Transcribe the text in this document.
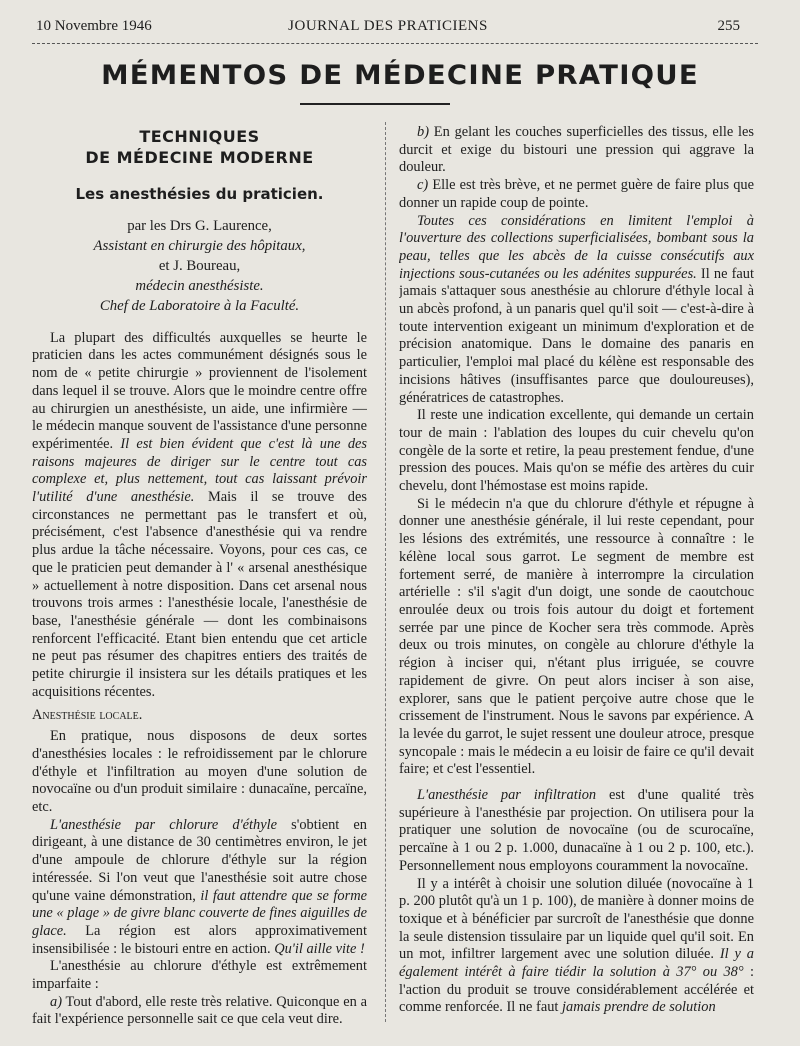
10 Novembre 1946	JOURNAL DES PRATICIENS	255
MÉMENTOS DE MÉDECINE PRATIQUE
TECHNIQUES
DE MÉDECINE MODERNE
Les anesthésies du praticien.
par les Drs G. Laurence,
Assistant en chirurgie des hôpitaux,
et J. Boureau,
médecin anesthésiste.
Chef de Laboratoire à la Faculté.

La plupart des difficultés auxquelles se heurte le praticien dans les actes communément désignés sous le nom de « petite chirurgie » proviennent de l'isolement dans lequel il se trouve. Alors que le moindre centre offre au chirurgien un anesthésiste, un aide, une infirmière — le médecin manque souvent de l'assistance d'une personne expérimentée. Il est bien évident que c'est là une des raisons majeures de diriger sur le centre tout cas complexe et, plus nettement, tout cas laissant prévoir l'utilité d'une anesthésie. Mais il se trouve des circonstances ne permettant pas le transfert et où, précisément, c'est l'absence d'anesthésie qui va rendre plus ardue la tâche nécessaire. Voyons, pour ces cas, ce que le praticien peut demander à l' « arsenal anesthésique » actuellement à notre disposition. Dans cet arsenal nous trouvons trois armes : l'anesthésie locale, l'anesthésie de base, l'anesthésie générale — dont les combinaisons renforcent l'efficacité. Etant bien entendu que cet article ne peut pas résumer des chapitres entiers des traités de petite chirurgie il insistera sur les détails pratiques et les acquisitions récentes.

Anesthésie locale.

En pratique, nous disposons de deux sortes d'anesthésies locales : le refroidissement par le chlorure d'éthyle et l'infiltration au moyen d'une solution de novocaïne ou d'un produit similaire : dunacaïne, percaïne, etc.

L'anesthésie par chlorure d'éthyle s'obtient en dirigeant, à une distance de 30 centimètres environ, le jet d'une ampoule de chlorure d'éthyle sur la région intéressée. Si l'on veut que l'anesthésie soit autre chose qu'une vaine démonstration, il faut attendre que se forme une « plage » de givre blanc couverte de fines aiguilles de glace. La région est alors approximativement insensibilisée : le bistouri entre en action. Qu'il aille vite !

L'anesthésie au chlorure d'éthyle est extrêmement imparfaite :

a) Tout d'abord, elle reste très relative. Quiconque en a fait l'expérience personnelle sait ce que cela veut dire.

b) En gelant les couches superficielles des tissus, elle les durcit et exige du bistouri une pression qui aggrave la douleur.

c) Elle est très brève, et ne permet guère de faire plus que donner un rapide coup de pointe.

Toutes ces considérations en limitent l'emploi à l'ouverture des collections superficialisées, bombant sous la peau, telles que les abcès de la cuisse consécutifs aux injections sous-cutanées ou les adénites suppurées. Il ne faut jamais s'attaquer sous anesthésie au chlorure d'éthyle local à un abcès profond, à un panaris quel qu'il soit — c'est-à-dire à toute intervention exigeant un minimum d'exploration et de précision anatomique. Dans le domaine des panaris en particulier, l'emploi mal placé du kélène est responsable des incisions hâtives (insuffisantes parce que douloureuses), génératrices de catastrophes.

Il reste une indication excellente, qui demande un certain tour de main : l'ablation des loupes du cuir chevelu qu'on congèle de la sorte et retire, la peau prestement fendue, d'une pression des pouces. Mais qu'on se méfie des artères du cuir chevelu, dont l'hémostase est moins rapide.

Si le médecin n'a que du chlorure d'éthyle et répugne à donner une anesthésie générale, il lui reste cependant, pour les lésions des extrémités, une ressource à connaître : le kélène local sous garrot. Le segment de membre est fortement serré, de manière à interrompre la circulation artérielle : s'il s'agit d'un doigt, une sonde de caoutchouc enroulée deux ou trois fois autour du doigt et fortement serrée par une pince de Kocher sera très commode. Après deux ou trois minutes, on congèle au chlorure d'éthyle la région à inciser qui, n'étant plus irriguée, se couvre rapidement de givre. On peut alors inciser à son aise, explorer, sans que le patient perçoive autre chose que le crissement de l'instrument. Nous le savons par expérience. A la levée du garrot, le sujet ressent une douleur atroce, presque syncopale : mais le médecin a eu loisir de faire ce qu'il devait faire; et c'est l'essentiel.

L'anesthésie par infiltration est d'une qualité très supérieure à l'anesthésie par projection. On utilisera pour la pratiquer une solution de novocaïne (ou de scurocaïne, percaïne à 1 ou 2 p. 1.000, dunacaïne à 1 ou 2 p. 100, etc.). Personnellement nous employons couramment la novocaïne.

Il y a intérêt à choisir une solution diluée (novocaïne à 1 p. 200 plutôt qu'à un 1 p. 100), de manière à donner moins de toxique et à bénéficier par surcroît de l'anesthésie que donne la seule distension tissulaire par un liquide quel qu'il soit. En un mot, infiltrer largement avec une solution diluée. Il y a également intérêt à faire tiédir la solution à 37° ou 38° : l'action du produit se trouve considérablement accélérée et comme renforcée. Il ne faut jamais prendre de solution
